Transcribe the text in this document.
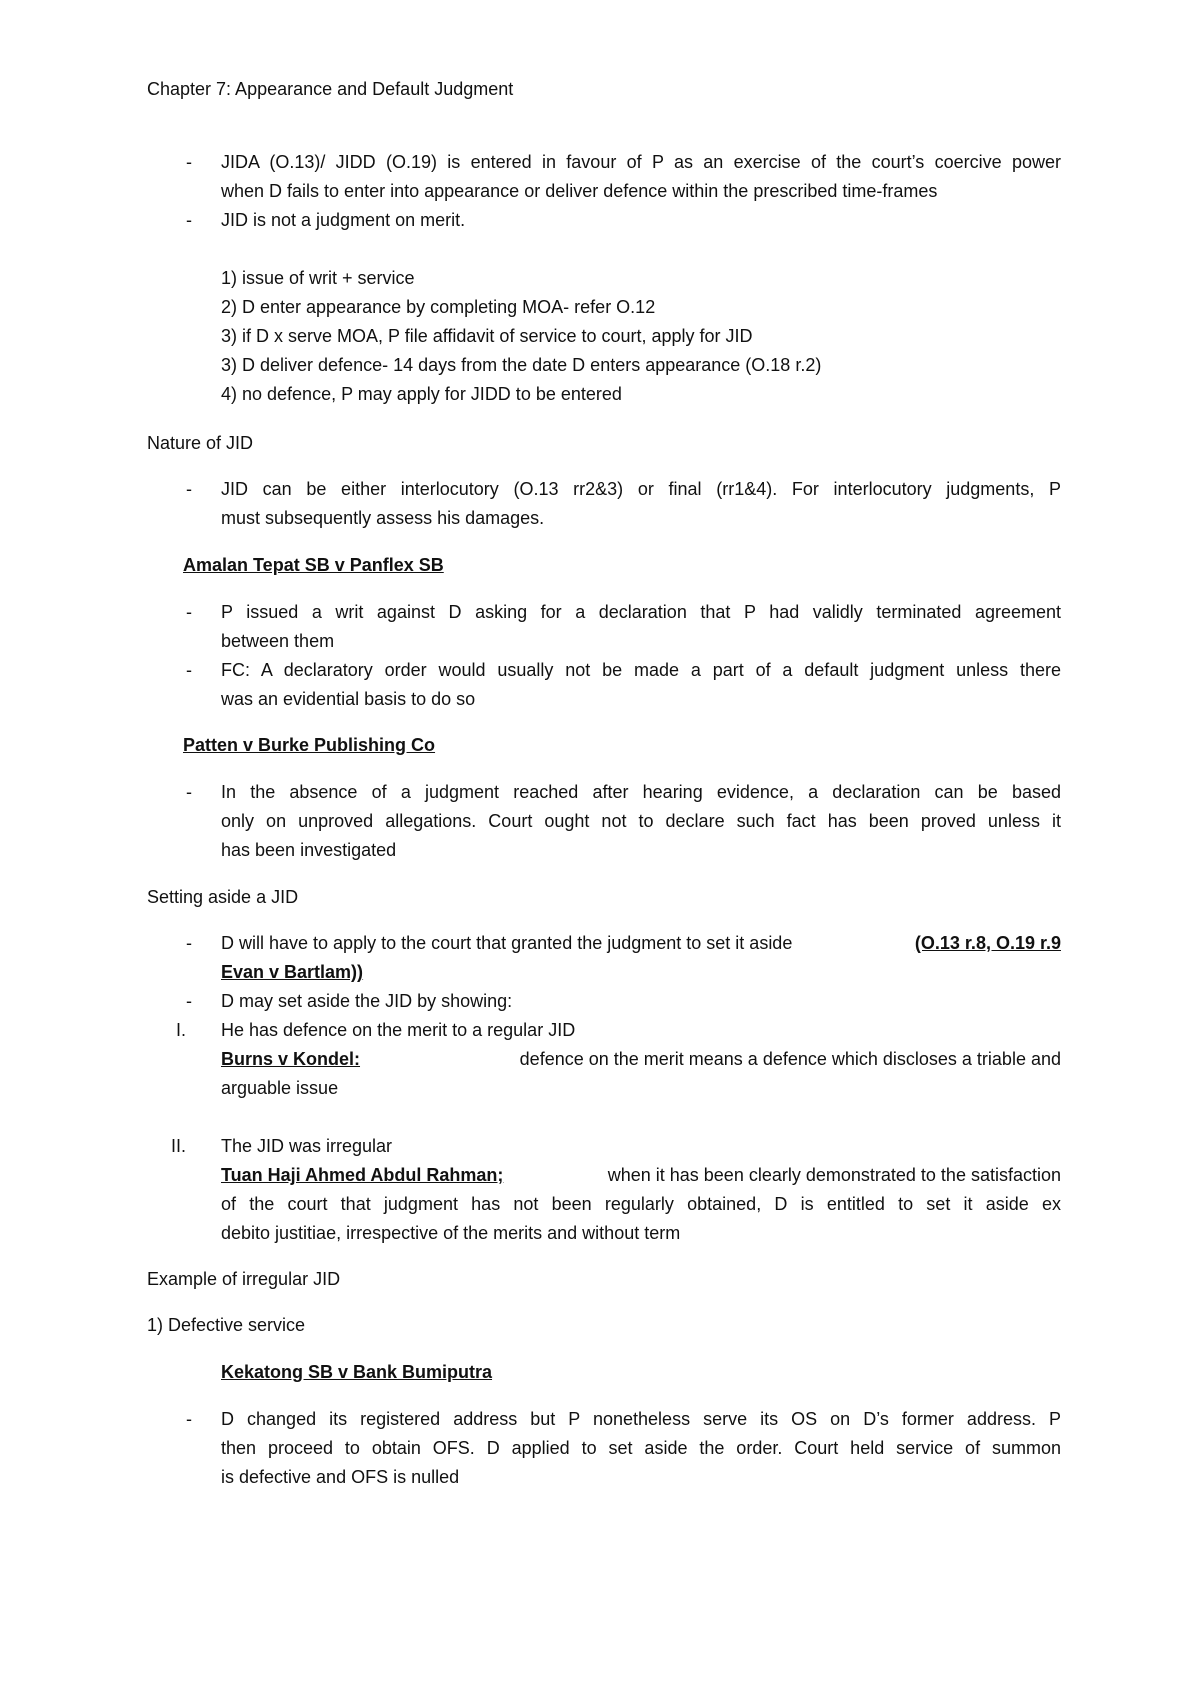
Chapter 7: Appearance and Default Judgment
-	JIDA (O.13)/ JIDD (O.19) is entered in favour of P as an exercise of the court’s coercive power
when D fails to enter into appearance or deliver defence within the prescribed time-frames
-	JID is not a judgment on merit.
1) issue of writ + service
2) D enter appearance by completing MOA- refer O.12
3) if D x serve MOA, P file affidavit of service to court, apply for JID
3) D deliver defence- 14 days from the date D enters appearance (O.18 r.2)
4) no defence, P may apply for JIDD to be entered
Nature of JID
-	JID can be either interlocutory (O.13 rr2&3) or final (rr1&4). For interlocutory judgments, P
must subsequently assess his damages.
Amalan Tepat SB v Panflex SB
-	P issued a writ against D asking for a declaration that P had validly terminated agreement
between them
-	FC: A declaratory order would usually not be made a part of a default judgment unless there
was an evidential basis to do so
Patten v Burke Publishing Co
-	In the absence of a judgment reached after hearing evidence, a declaration can be based
only on unproved allegations. Court ought not to declare such fact has been proved unless it
has been investigated
Setting aside a JID
-	D will have to apply to the court that granted the judgment to set it aside	(O.13 r.8, O.19 r.9
Evan v Bartlam))
-	D may set aside the JID by showing:
I. He has defence on the merit to a regular JID
Burns v Kondel:	defence on the merit means a defence which discloses a triable and
arguable issue
II. The JID was irregular
Tuan Haji Ahmed Abdul Rahman;	when it has been clearly demonstrated to the satisfaction
of the court that judgment has not been regularly obtained, D is entitled to set it aside ex
debito justitiae, irrespective of the merits and without term
Example of irregular JID
1) Defective service
Kekatong SB v Bank Bumiputra
-	D changed its registered address but P nonetheless serve its OS on D’s former address. P
then proceed to obtain OFS. D applied to set aside the order. Court held service of summon
is defective and OFS is nulled
